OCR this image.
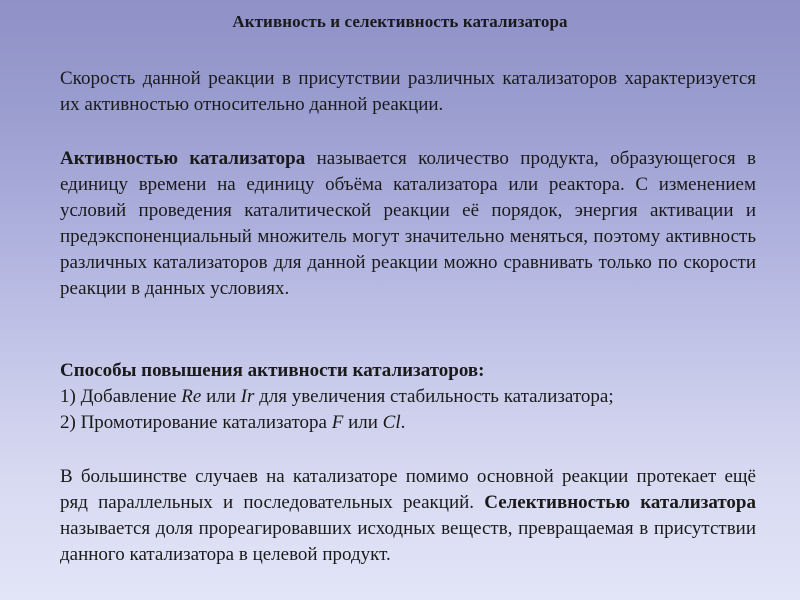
Активность и селективность катализатора
Скорость данной реакции в присутствии различных катализаторов характеризуется их активностью относительно данной реакции.
Активностью катализатора называется количество продукта, образующегося в единицу времени на единицу объёма катализатора или реактора. С изменением условий проведения каталитической реакции её порядок, энергия активации и предэкспоненциальный множитель могут значительно меняться, поэтому активность различных катализаторов для данной реакции можно сравнивать только по скорости реакции в данных условиях.
Способы повышения активности катализаторов:
1) Добавление Re или Ir для увеличения стабильность катализатора;
2) Промотирование катализатора F или Cl.
В большинстве случаев на катализаторе помимо основной реакции протекает ещё ряд параллельных и последовательных реакций. Селективностью катализатора называется доля прореагировавших исходных веществ, превращаемая в присутствии данного катализатора в целевой продукт.
